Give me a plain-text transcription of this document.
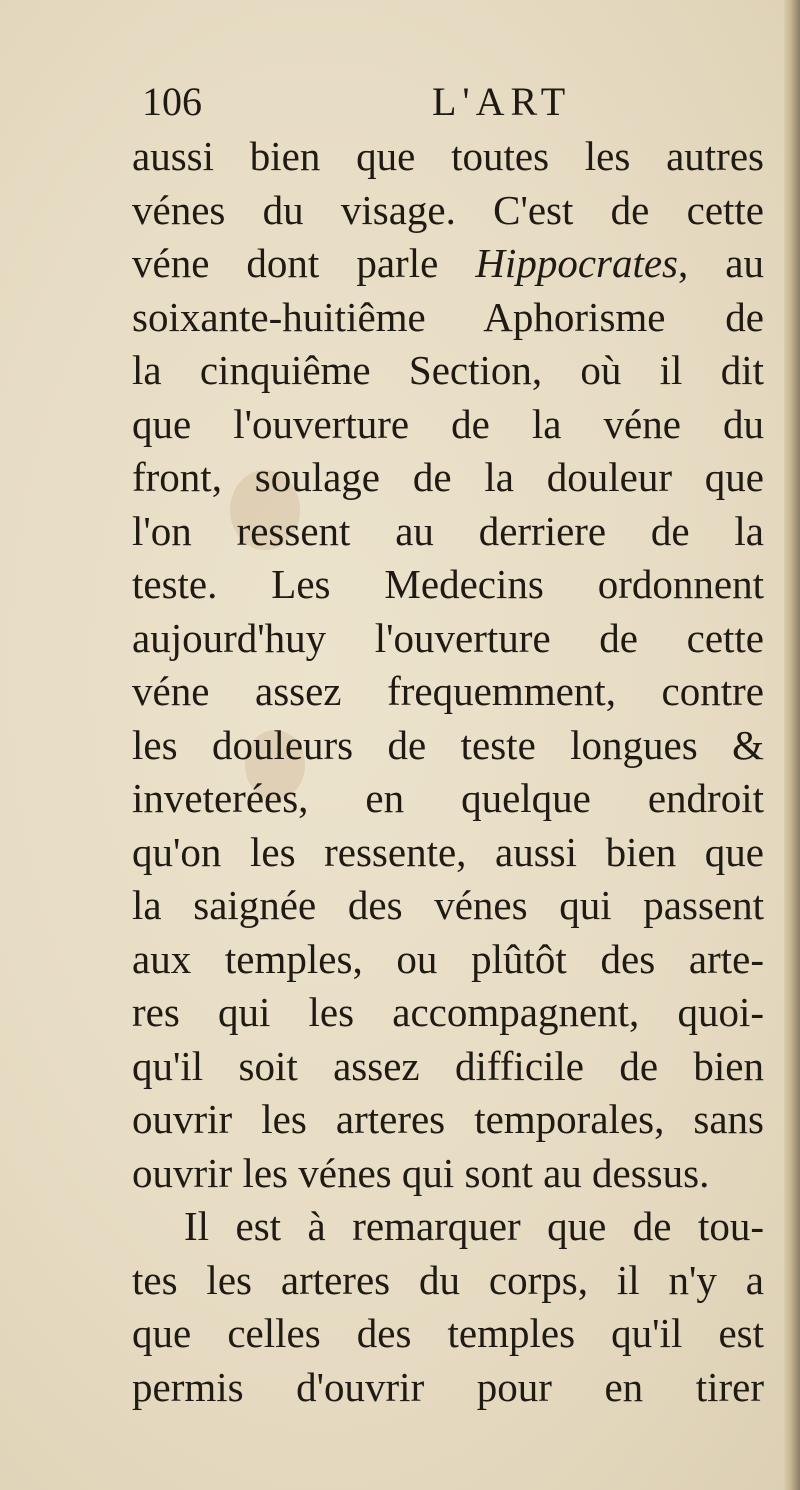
106	L'ART
aussi bien que toutes les autres
vénes du visage. C'est de cette
véne dont parle Hippocrates, au
soixante-huitiême Aphorisme de
la cinquiême Section, où il dit
que l'ouverture de la véne du
front, soulage de la douleur que
l'on ressent au derriere de la
teste. Les Medecins ordonnent
aujourd'huy l'ouverture de cette
véne assez frequemment, contre
les douleurs de teste longues &
inveterées, en quelque endroit
qu'on les ressente, aussi bien que
la saignée des vénes qui passent
aux temples, ou plûtôt des arte-
res qui les accompagnent, quoi-
qu'il soit assez difficile de bien
ouvrir les arteres temporales, sans
ouvrir les vénes qui sont au dessus.
Il est à remarquer que de tou-
tes les arteres du corps, il n'y a
que celles des temples qu'il est
permis d'ouvrir pour en tirer
